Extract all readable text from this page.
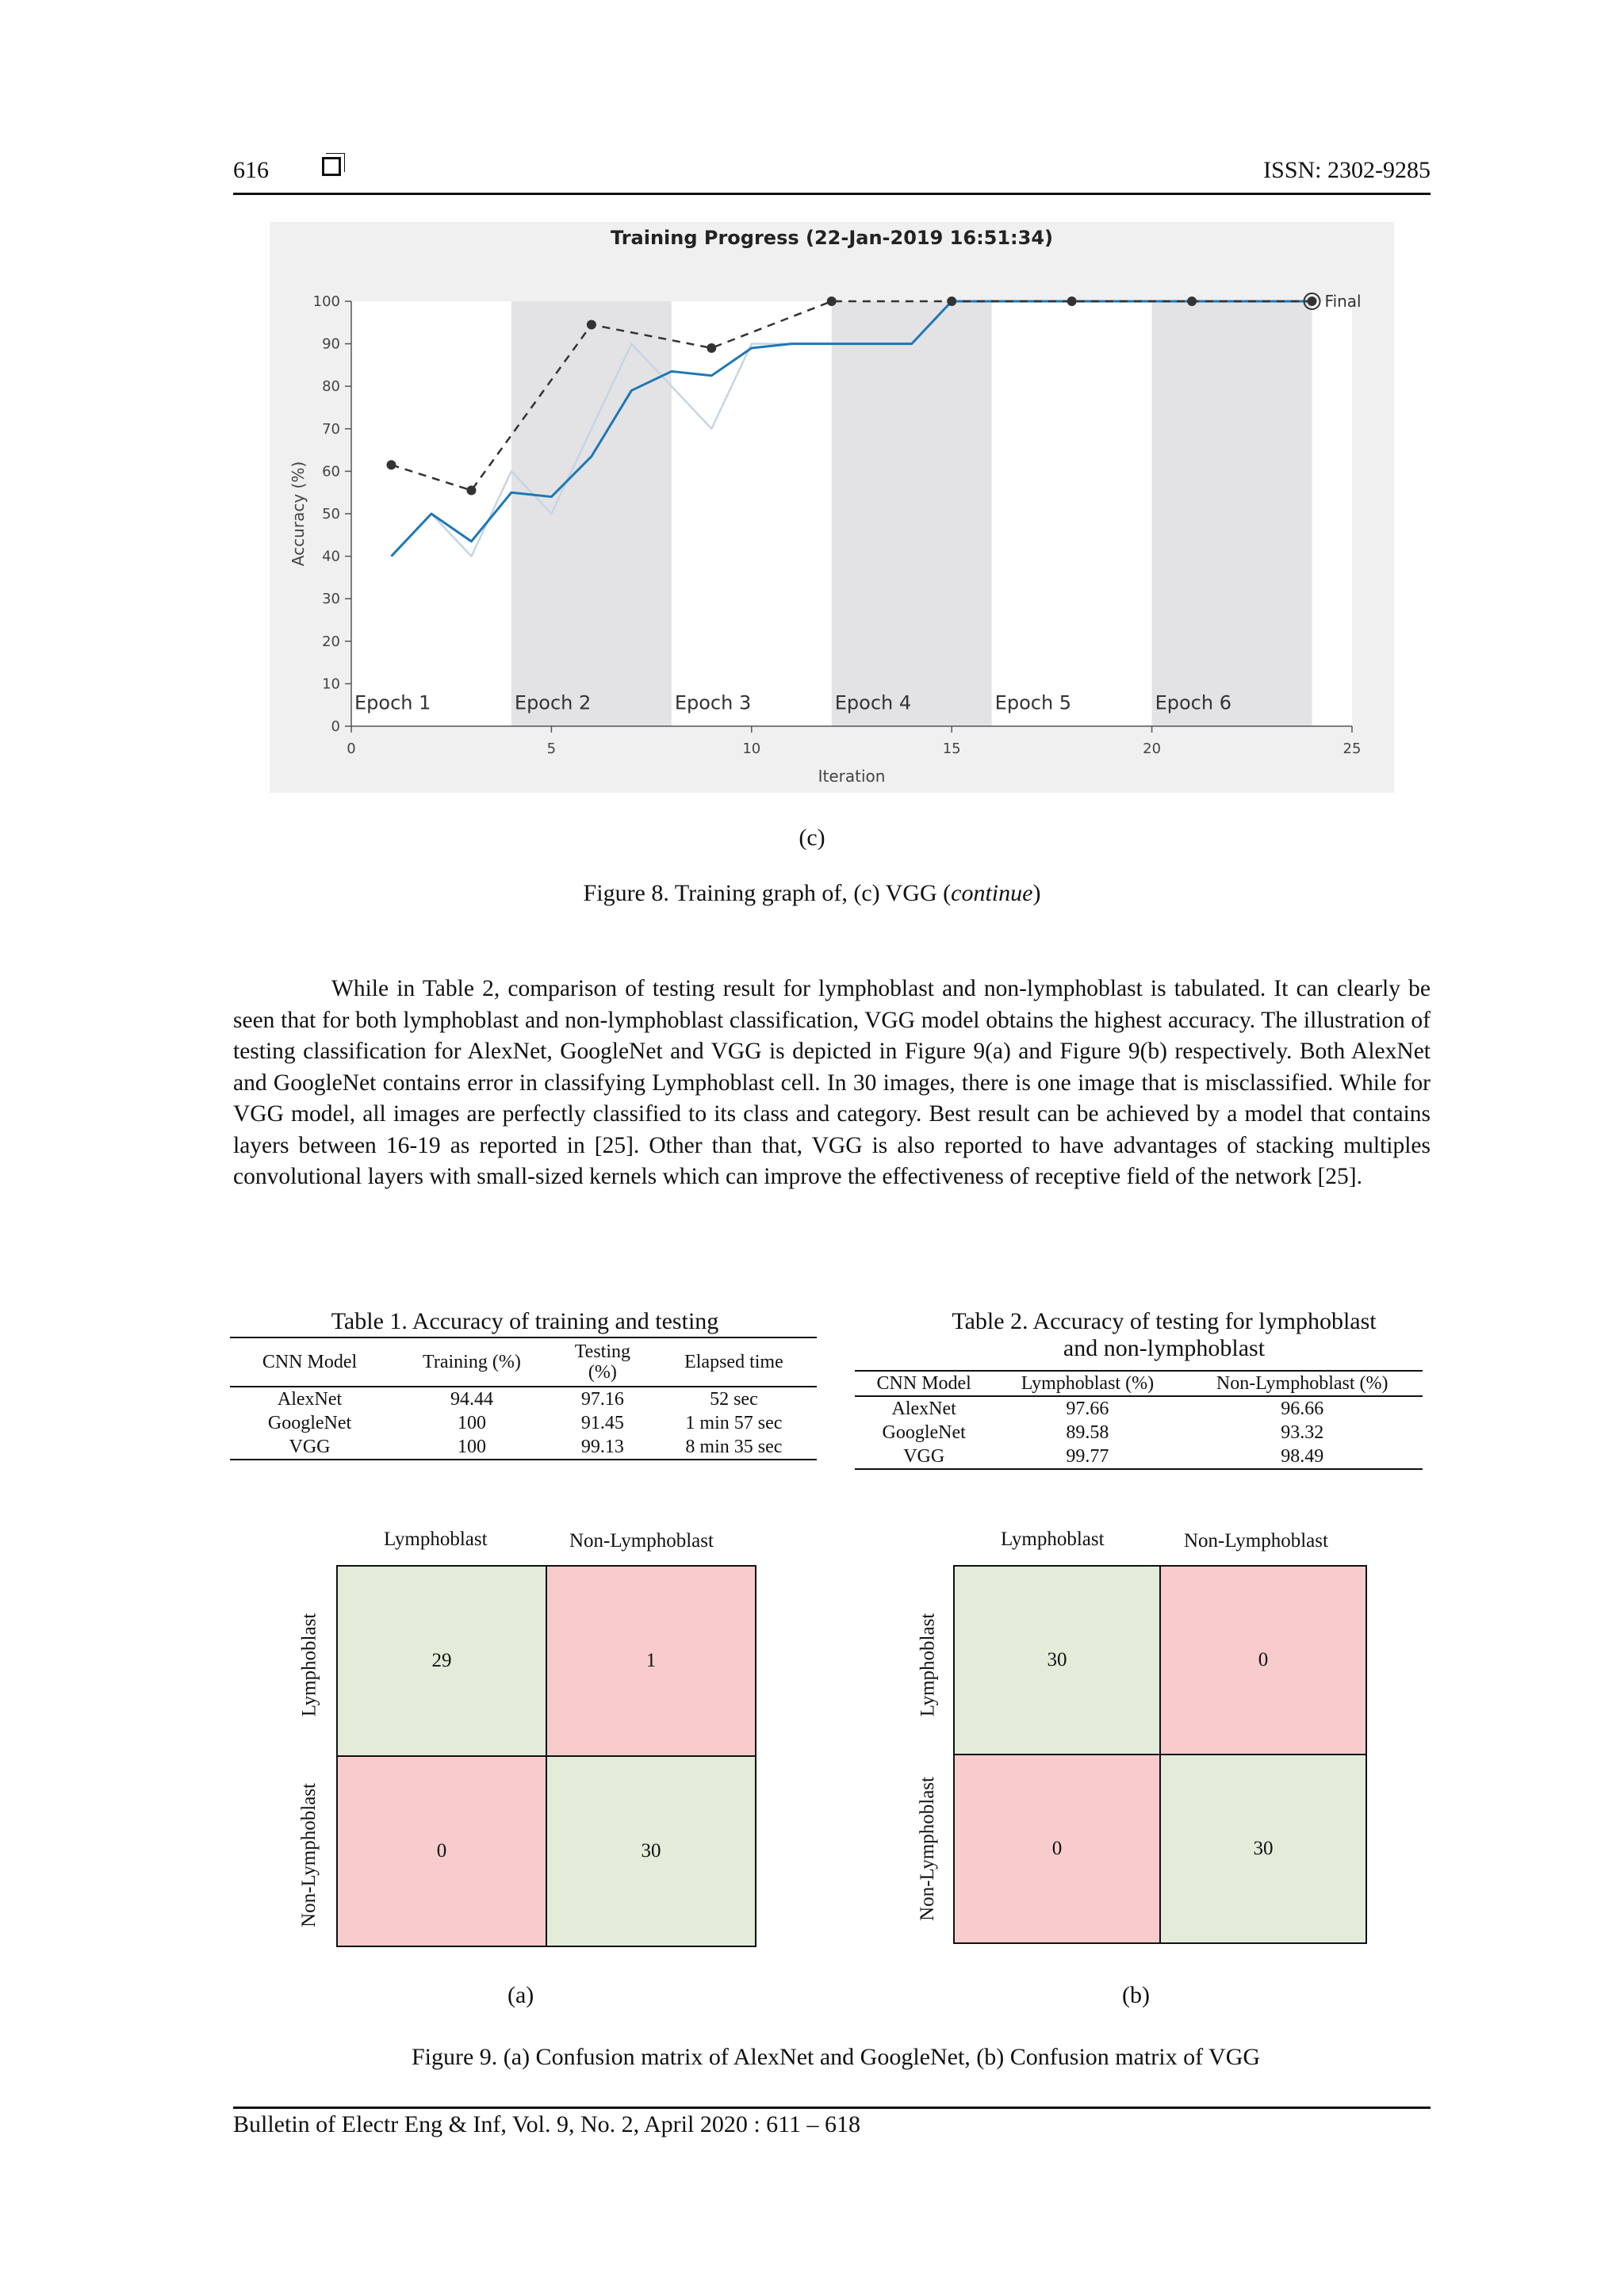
616	ISSN: 2302-9285
Training Progress (22-Jan-2019 16:51:34)
Epoch 1	Epoch 2	Epoch 3	Epoch 4	Epoch 5	Epoch 6
0
10
20
30
40
50
60
70
80
90
100
0	5	10	15	20	25
Iteration
Accuracy (%)
Final
(c)
Figure 8. Training graph of, (c) VGG (continue)
While in Table 2, comparison of testing result for lymphoblast and non-lymphoblast is tabulated. It can clearly be seen that for both lymphoblast and non-lymphoblast classification, VGG model obtains the highest accuracy. The illustration of testing classification for AlexNet, GoogleNet and VGG is depicted in Figure 9(a) and Figure 9(b) respectively. Both AlexNet and GoogleNet contains error in classifying Lymphoblast cell. In 30 images, there is one image that is misclassified. While for VGG model, all images are perfectly classified to its class and category. Best result can be achieved by a model that contains layers between 16-19 as reported in [25]. Other than that, VGG is also reported to have advantages of stacking multiples convolutional layers with small-sized kernels which can improve the effectiveness of receptive field of the network [25].
Table 1. Accuracy of training and testing
CNN Model	Training (%)	Testing (%)	Elapsed time
AlexNet	94.44	97.16	52 sec
GoogleNet	100	91.45	1 min 57 sec
VGG	100	99.13	8 min 35 sec
Table 2. Accuracy of testing for lymphoblast
and non-lymphoblast
CNN Model	Lymphoblast (%)	Non-Lymphoblast (%)
AlexNet	97.66	96.66
GoogleNet	89.58	93.32
VGG	99.77	98.49
Lymphoblast	Non-Lymphoblast
Lymphoblast
Non-Lymphoblast
29	1
0	30
(a)
Lymphoblast	Non-Lymphoblast
Lymphoblast
Non-Lymphoblast
30	0
0	30
(b)
Figure 9. (a) Confusion matrix of AlexNet and GoogleNet, (b) Confusion matrix of VGG
Bulletin of Electr Eng & Inf, Vol. 9, No. 2, April 2020 : 611 – 618
